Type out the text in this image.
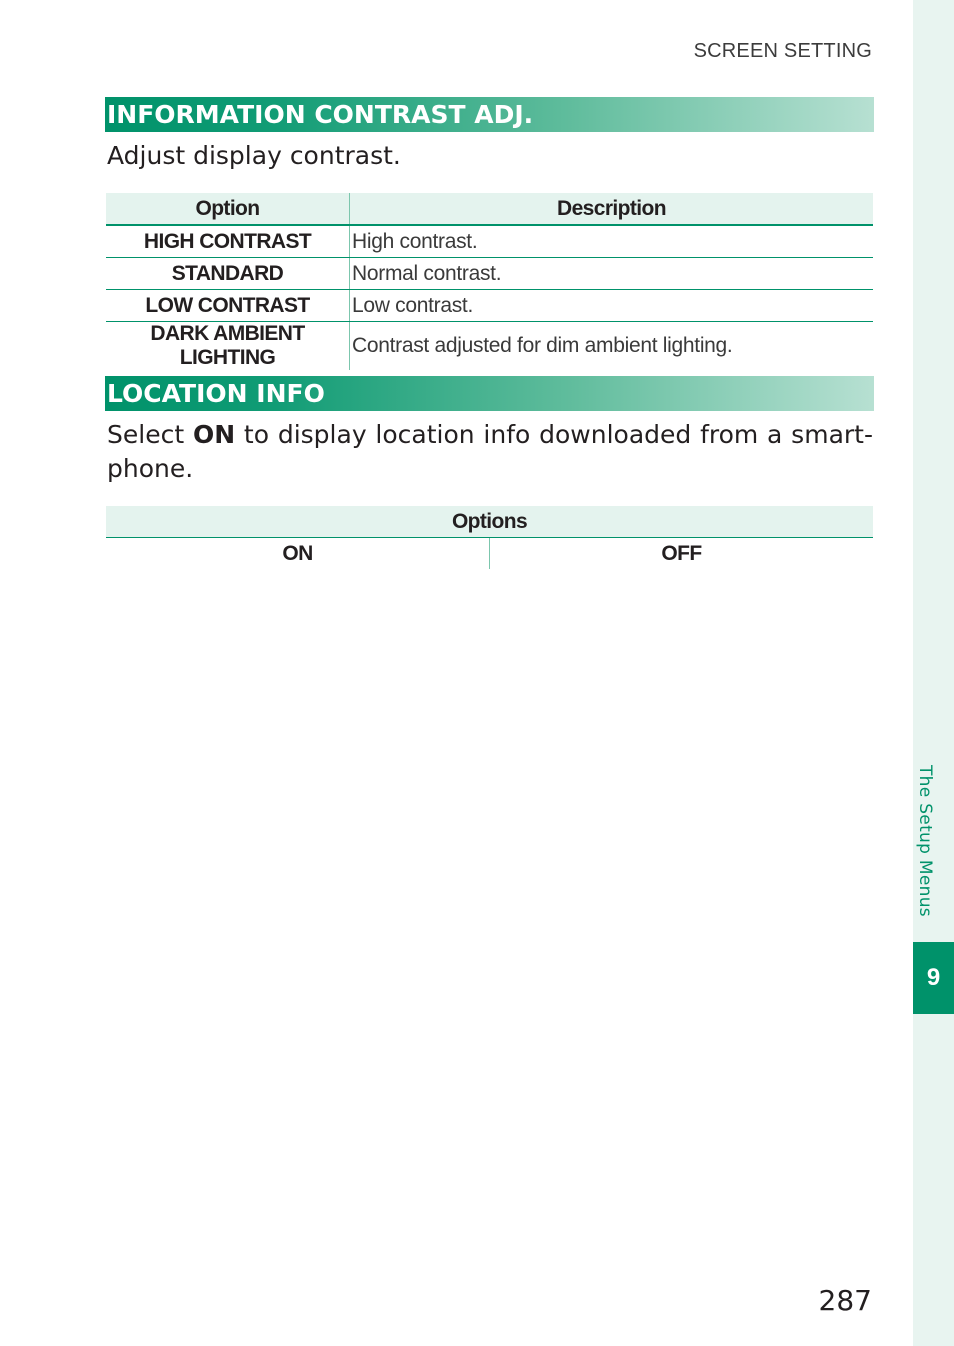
SCREEN SETTING
INFORMATION CONTRAST ADJ.
Adjust display contrast.
Option	Description
HIGH CONTRAST	High contrast.
STANDARD	Normal contrast.
LOW CONTRAST	Low contrast.
DARK AMBIENT LIGHTING	Contrast adjusted for dim ambient lighting.
LOCATION INFO
Select ON to display location info downloaded from a smart-phone.
Options
ON	OFF
The Setup Menus
9
287
